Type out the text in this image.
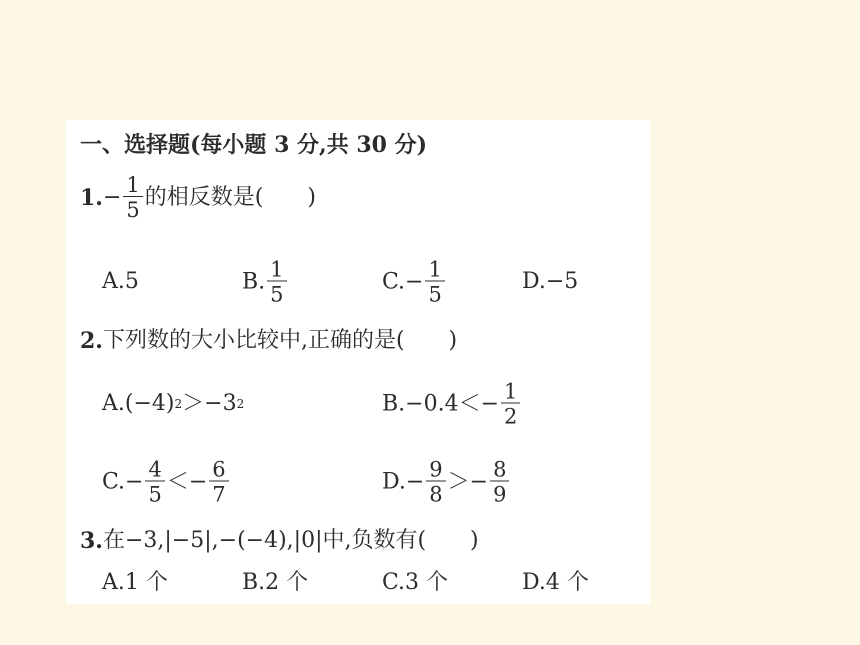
一、选择题(每小题 3 分,共 30 分)
1. − $\frac{1}{5}$ 的相反数是(　　)
A. 5	B. $\frac{1}{5}$	C. − $\frac{1}{5}$	D. −5
2. 下列数的大小比较中,正确的是(　　)
A. (−4) 2 ＞−3 2	B. $-0.4<- \frac{1}{2}$
C. − $\frac{4}{5} <- \frac{6}{7}$	D. − $\frac{9}{8} >- \frac{8}{9}$
3. 在−3,|−5|,−(−4),|0|中,负数有(　　)
A. 1 个	B. 2 个	C. 3 个	D. 4 个
